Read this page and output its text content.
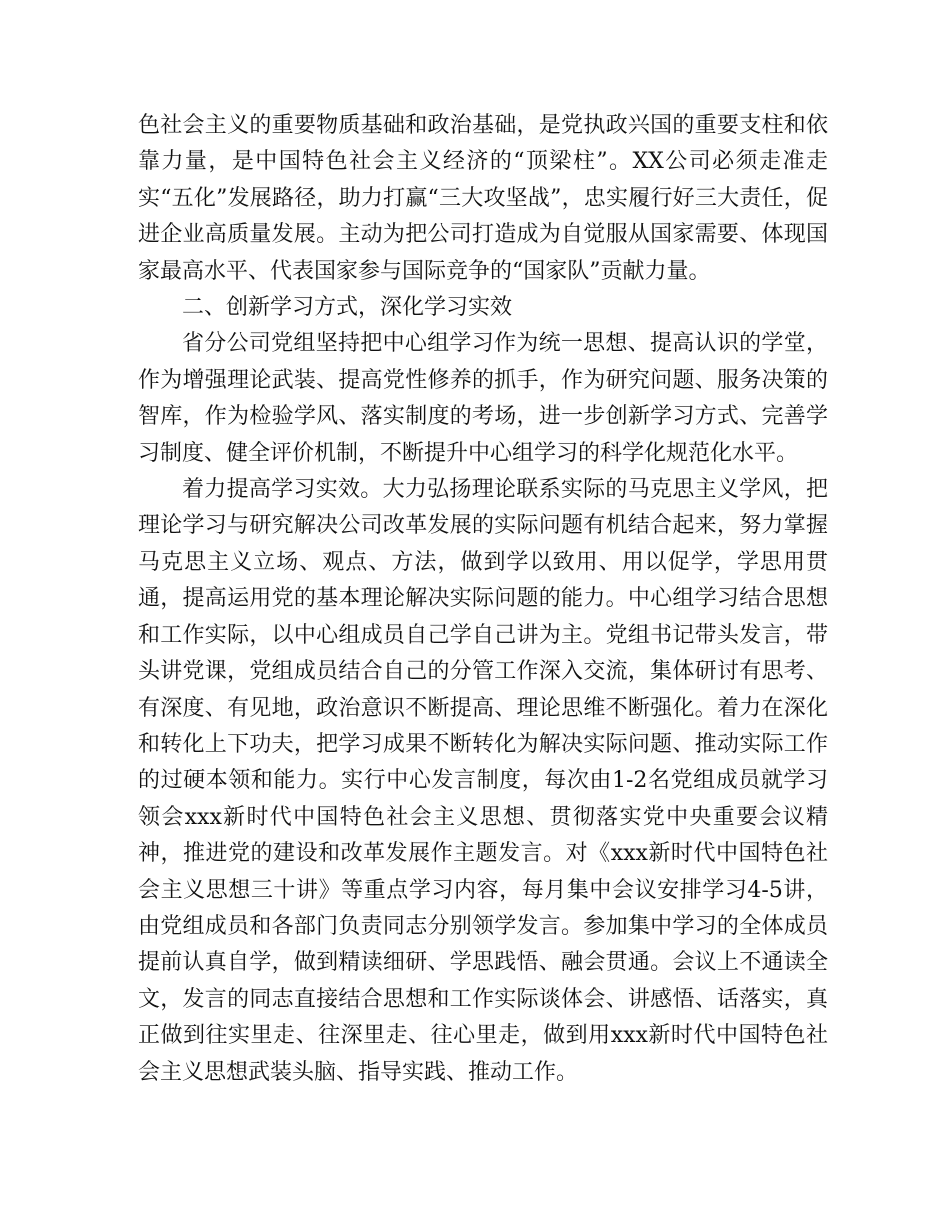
色社会主义的重要物质基础和政治基础，是党执政兴国的重要支柱和依靠力量，是中国特色社会主义经济的“顶梁柱”。XX公司必须走准走实“五化”发展路径，助力打赢“三大攻坚战”，忠实履行好三大责任，促进企业高质量发展。主动为把公司打造成为自觉服从国家需要、体现国家最高水平、代表国家参与国际竞争的“国家队”贡献力量。

二、创新学习方式，深化学习实效

省分公司党组坚持把中心组学习作为统一思想、提高认识的学堂，作为增强理论武装、提高党性修养的抓手，作为研究问题、服务决策的智库，作为检验学风、落实制度的考场，进一步创新学习方式、完善学习制度、健全评价机制，不断提升中心组学习的科学化规范化水平。

着力提高学习实效。大力弘扬理论联系实际的马克思主义学风，把理论学习与研究解决公司改革发展的实际问题有机结合起来，努力掌握马克思主义立场、观点、方法，做到学以致用、用以促学，学思用贯通，提高运用党的基本理论解决实际问题的能力。中心组学习结合思想和工作实际，以中心组成员自己学自己讲为主。党组书记带头发言，带头讲党课，党组成员结合自己的分管工作深入交流，集体研讨有思考、有深度、有见地，政治意识不断提高、理论思维不断强化。着力在深化和转化上下功夫，把学习成果不断转化为解决实际问题、推动实际工作的过硬本领和能力。实行中心发言制度，每次由1-2名党组成员就学习领会xxx新时代中国特色社会主义思想、贯彻落实党中央重要会议精神，推进党的建设和改革发展作主题发言。对《xxx新时代中国特色社会主义思想三十讲》等重点学习内容，每月集中会议安排学习4-5讲，由党组成员和各部门负责同志分别领学发言。参加集中学习的全体成员提前认真自学，做到精读细研、学思践悟、融会贯通。会议上不通读全文，发言的同志直接结合思想和工作实际谈体会、讲感悟、话落实，真正做到往实里走、往深里走、往心里走，做到用xxx新时代中国特色社会主义思想武装头脑、指导实践、推动工作。
